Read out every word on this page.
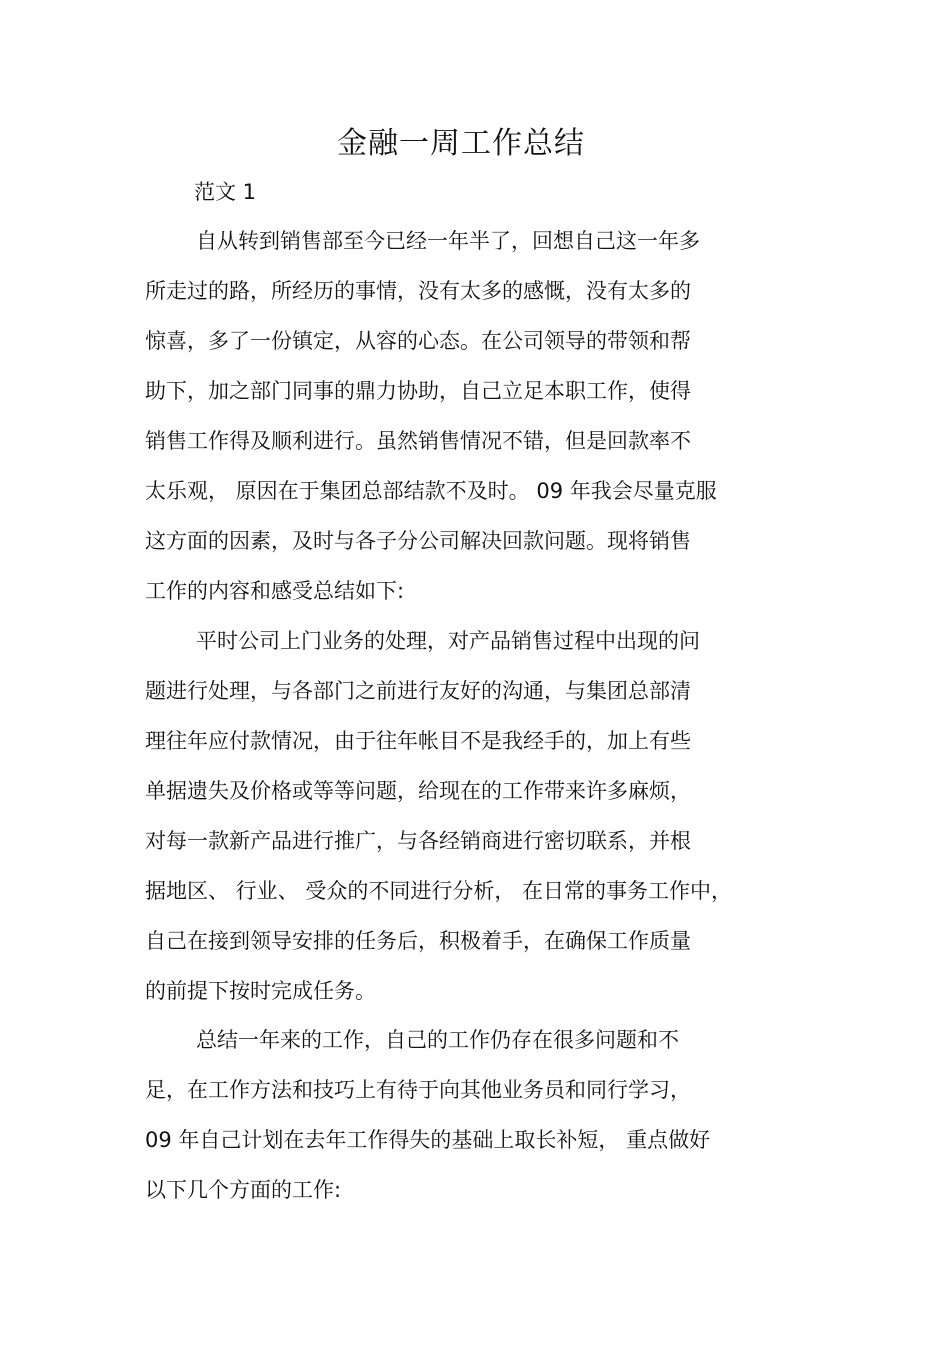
金融一周工作总结
范文 1
自从转到销售部至今已经一年半了，回想自己这一年多
所走过的路，所经历的事情，没有太多的感慨，没有太多的
惊喜，多了一份镇定，从容的心态。在公司领导的带领和帮
助下，加之部门同事的鼎力协助，自己立足本职工作，使得
销售工作得及顺利进行。虽然销售情况不错，但是回款率不
太乐观， 原因在于集团总部结款不及时。 09 年我会尽量克服
这方面的因素，及时与各子分公司解决回款问题。现将销售
工作的内容和感受总结如下:
平时公司上门业务的处理，对产品销售过程中出现的问
题进行处理，与各部门之前进行友好的沟通，与集团总部清
理往年应付款情况，由于往年帐目不是我经手的，加上有些
单据遗失及价格或等等问题，给现在的工作带来许多麻烦，
对每一款新产品进行推广，与各经销商进行密切联系，并根
据地区、 行业、 受众的不同进行分析， 在日常的事务工作中，
自己在接到领导安排的任务后，积极着手，在确保工作质量
的前提下按时完成任务。
总结一年来的工作，自己的工作仍存在很多问题和不
足，在工作方法和技巧上有待于向其他业务员和同行学习，
09 年自己计划在去年工作得失的基础上取长补短， 重点做好
以下几个方面的工作:
